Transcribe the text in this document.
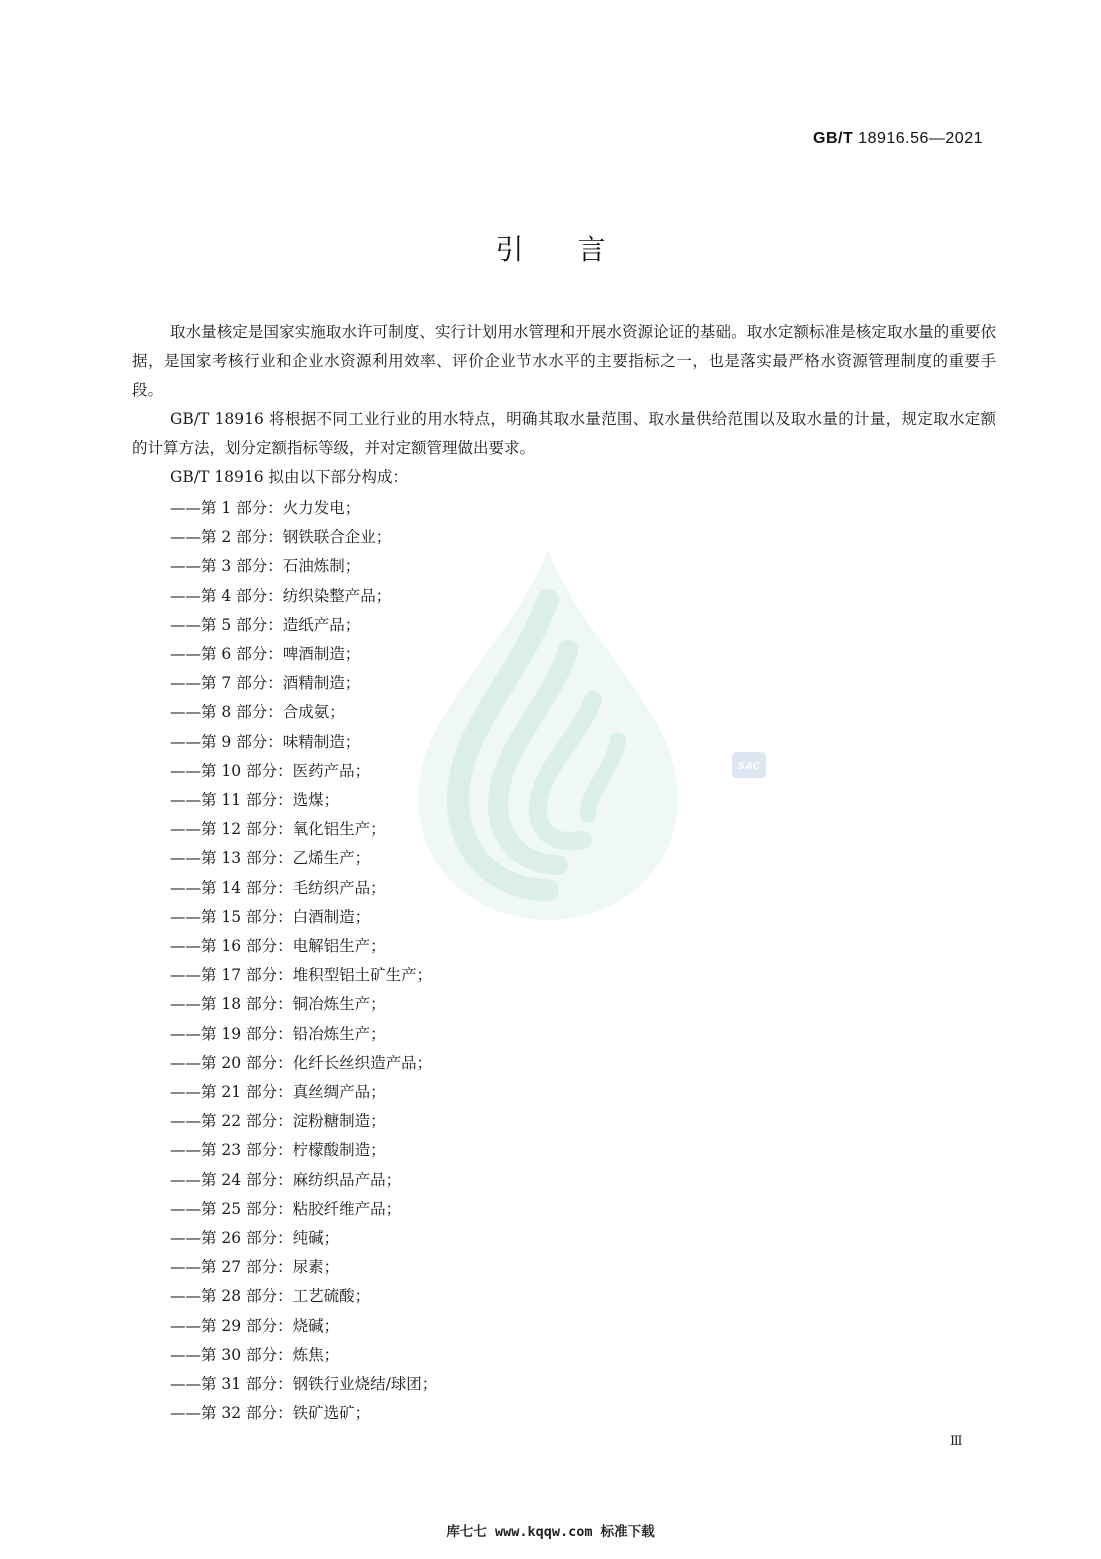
GB/T 18916.56—2021
引言
SAC

取水量核定是国家实施取水许可制度、实行计划用水管理和开展水资源论证的基础。取水定额标准是核定取水量的重要依据，是国家考核行业和企业水资源利用效率、评价企业节水水平的主要指标之一，也是落实最严格水资源管理制度的重要手段。

GB/T 18916 将根据不同工业行业的用水特点，明确其取水量范围、取水量供给范围以及取水量的计量，规定取水定额的计算方法，划分定额指标等级，并对定额管理做出要求。

GB/T 18916 拟由以下部分构成：

——第 1 部分：火力发电；
——第 2 部分：钢铁联合企业；
——第 3 部分：石油炼制；
——第 4 部分：纺织染整产品；
——第 5 部分：造纸产品；
——第 6 部分：啤酒制造；
——第 7 部分：酒精制造；
——第 8 部分：合成氨；
——第 9 部分：味精制造；
——第 10 部分：医药产品；
——第 11 部分：选煤；
——第 12 部分：氧化铝生产；
——第 13 部分：乙烯生产；
——第 14 部分：毛纺织产品；
——第 15 部分：白酒制造；
——第 16 部分：电解铝生产；
——第 17 部分：堆积型铝土矿生产；
——第 18 部分：铜冶炼生产；
——第 19 部分：铅冶炼生产；
——第 20 部分：化纤长丝织造产品；
——第 21 部分：真丝绸产品；
——第 22 部分：淀粉糖制造；
——第 23 部分：柠檬酸制造；
——第 24 部分：麻纺织品产品；
——第 25 部分：粘胶纤维产品；
——第 26 部分：纯碱；
——第 27 部分：尿素；
——第 28 部分：工艺硫酸；
——第 29 部分：烧碱；
——第 30 部分：炼焦；
——第 31 部分：钢铁行业烧结/球团；
——第 32 部分：铁矿选矿；
Ⅲ
库七七 www.kqqw.com 标准下载
